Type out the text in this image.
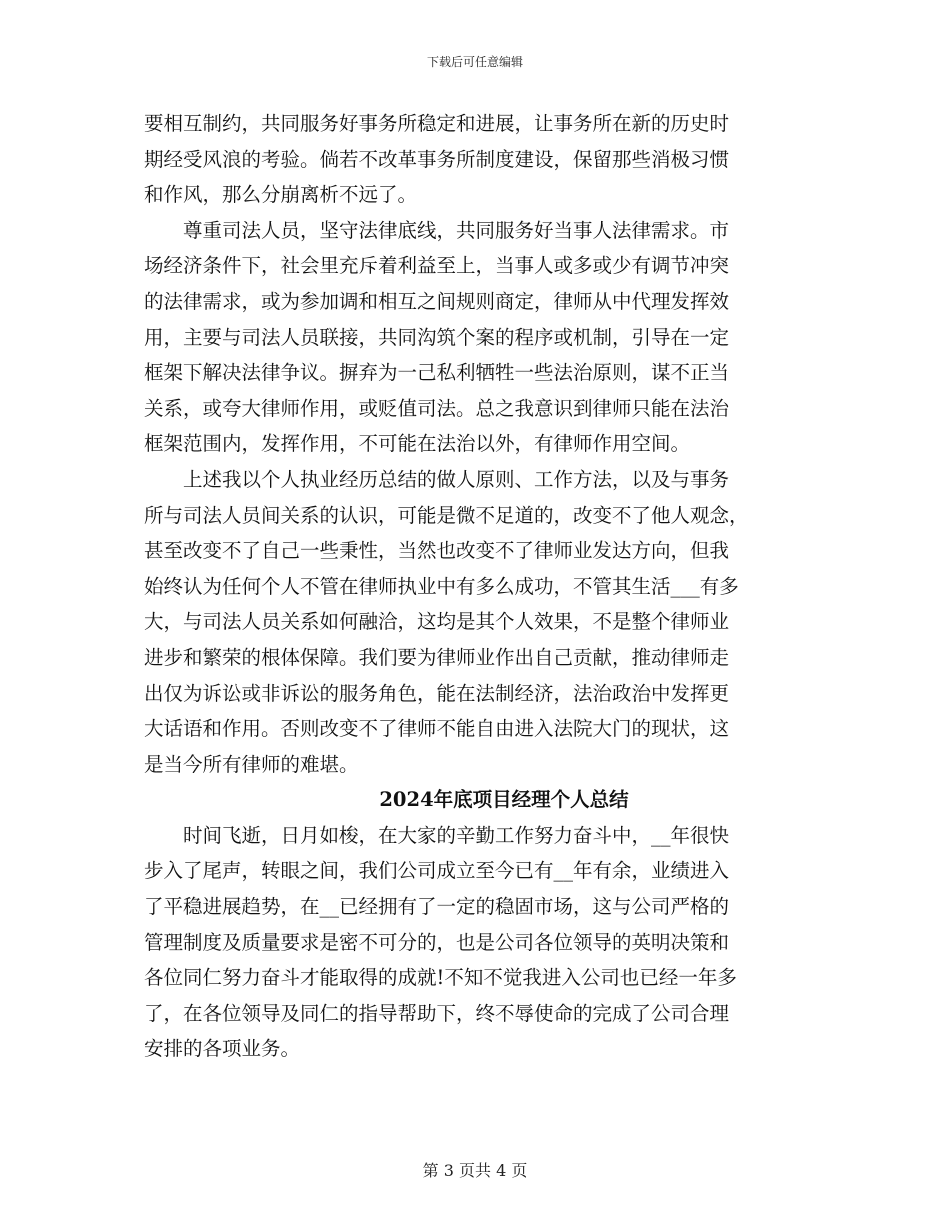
下载后可任意编辑

要相互制约，共同服务好事务所稳定和进展，让事务所在新的历史时
期经受风浪的考验。倘若不改革事务所制度建设，保留那些消极习惯
和作风，那么分崩离析不远了。

尊重司法人员，坚守法律底线，共同服务好当事人法律需求。市
场经济条件下，社会里充斥着利益至上，当事人或多或少有调节冲突
的法律需求，或为参加调和相互之间规则商定，律师从中代理发挥效
用，主要与司法人员联接，共同沟筑个案的程序或机制，引导在一定
框架下解决法律争议。摒弃为一己私利牺牲一些法治原则，谋不正当
关系，或夸大律师作用，或贬值司法。总之我意识到律师只能在法治
框架范围内，发挥作用，不可能在法治以外，有律师作用空间。

上述我以个人执业经历总结的做人原则、工作方法，以及与事务
所与司法人员间关系的认识，可能是微不足道的，改变不了他人观念，
甚至改变不了自己一些秉性，当然也改变不了律师业发达方向，但我
始终认为任何个人不管在律师执业中有多么成功，不管其生活___有多
大，与司法人员关系如何融洽，这均是其个人效果，不是整个律师业
进步和繁荣的根体保障。我们要为律师业作出自己贡献，推动律师走
出仅为诉讼或非诉讼的服务角色，能在法制经济，法治政治中发挥更
大话语和作用。否则改变不了律师不能自由进入法院大门的现状，这
是当今所有律师的难堪。

2024年底项目经理个人总结

时间飞逝，日月如梭，在大家的辛勤工作努力奋斗中，__年很快
步入了尾声，转眼之间，我们公司成立至今已有__年有余，业绩进入
了平稳进展趋势，在__已经拥有了一定的稳固市场，这与公司严格的
管理制度及质量要求是密不可分的，也是公司各位领导的英明决策和
各位同仁努力奋斗才能取得的成就!不知不觉我进入公司也已经一年多
了，在各位领导及同仁的指导帮助下，终不辱使命的完成了公司合理
安排的各项业务。

第 3 页共 4 页
